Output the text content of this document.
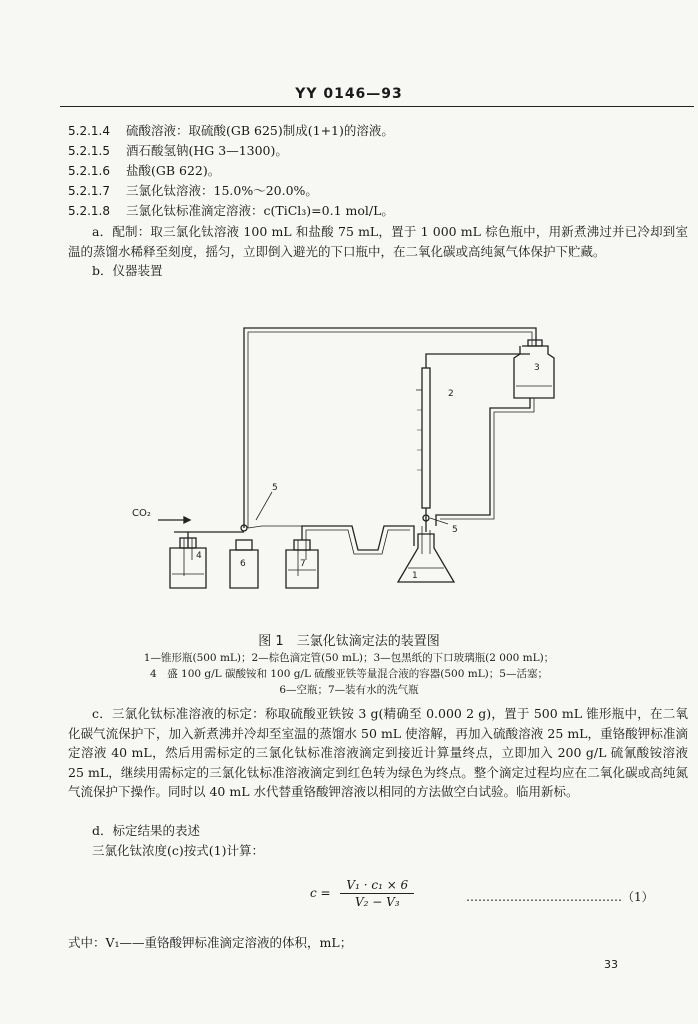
YY 0146—93
5.2.1.4 硫酸溶液：取硫酸(GB 625)制成(1+1)的溶液。
5.2.1.5 酒石酸氢钠(HG 3—1300)。
5.2.1.6 盐酸(GB 622)。
5.2.1.7 三氯化钛溶液：15.0%～20.0%。
5.2.1.8 三氯化钛标准滴定溶液：c(TiCl₃)=0.1 mol/L。
a．配制：取三氯化钛溶液 100 mL 和盐酸 75 mL，置于 1 000 mL 棕色瓶中，用新煮沸过并已冷却到室温的蒸馏水稀释至刻度，摇匀，立即倒入避光的下口瓶中，在二氧化碳或高纯氮气体保护下贮藏。
b．仪器装置
CO₂
1
2
3
4
5
5
6	7
图 1　三氯化钛滴定法的装置图
1—锥形瓶(500 mL)；2—棕色滴定管(50 mL)；3—包黑纸的下口玻璃瓶(2 000 mL)；
4　盛 100 g/L 碳酸铵和 100 g/L 硫酸亚铁等量混合液的容器(500 mL)；5—活塞；
6—空瓶；7—装有水的洗气瓶
c．三氯化钛标准溶液的标定：称取硫酸亚铁铵 3 g(精确至 0.000 2 g)，置于 500 mL 锥形瓶中，在二氧化碳气流保护下，加入新煮沸并冷却至室温的蒸馏水 50 mL 使溶解，再加入硫酸溶液 25 mL，重铬酸钾标准滴定溶液 40 mL，然后用需标定的三氯化钛标准溶液滴定到接近计算量终点，立即加入 200 g/L 硫氰酸铵溶液 25 mL，继续用需标定的三氯化钛标准溶液滴定到红色转为绿色为终点。整个滴定过程均应在二氧化碳或高纯氮气流保护下操作。同时以 40 mL 水代替重铬酸钾溶液以相同的方法做空白试验。临用新标。
d．标定结果的表述
三氯化钛浓度(c)按式(1)计算：
$c = \frac{\text{V₁ · c₁ × 6}}{\text{V₂ − V₃}}$	…………………………………（1）
式中：V₁——重铬酸钾标准滴定溶液的体积，mL；
33
